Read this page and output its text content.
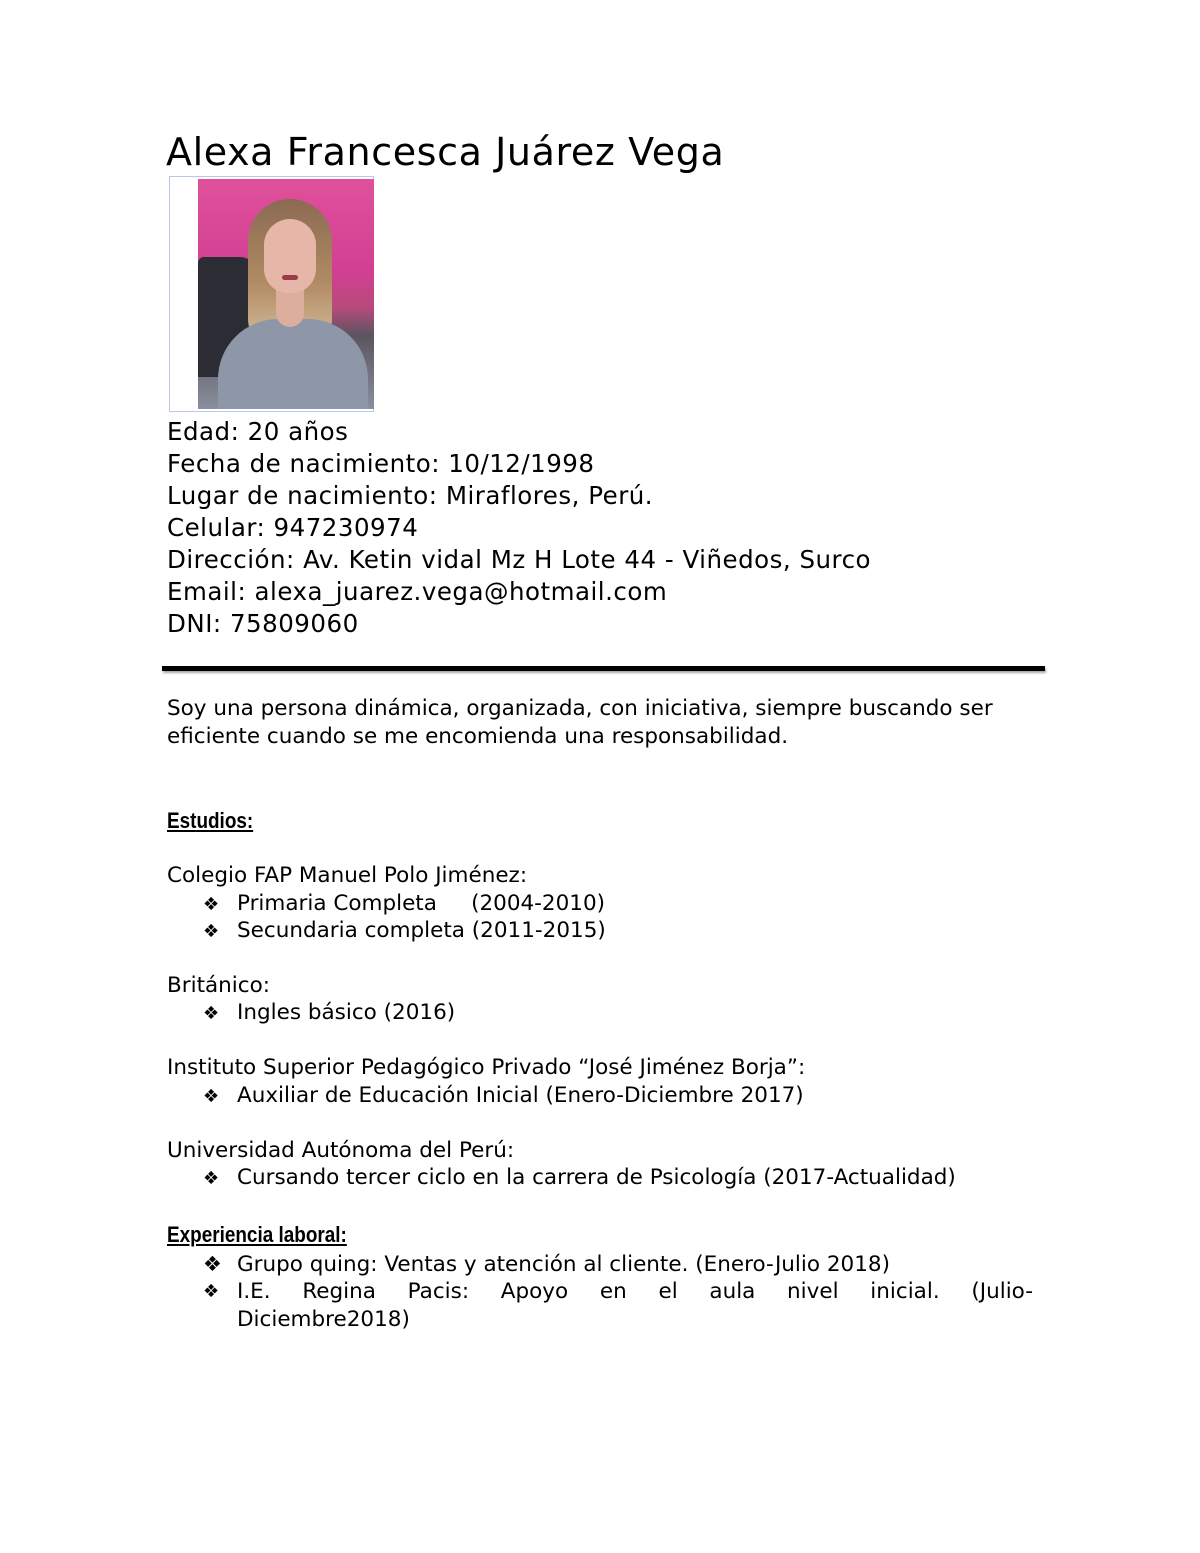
Alexa Francesca Juárez Vega
Edad: 20 años
Fecha de nacimiento: 10/12/1998
Lugar de nacimiento: Miraflores, Perú.
Celular: 947230974
Dirección: Av. Ketin vidal Mz H Lote 44 - Viñedos, Surco
Email: alexa_juarez.vega@hotmail.com
DNI: 75809060
Soy una persona dinámica, organizada, con iniciativa, siempre buscando ser eficiente cuando se me encomienda una responsabilidad.
Estudios:
Colegio FAP Manuel Polo Jiménez:
❖ Primaria Completa     (2004-2010)
❖ Secundaria completa (2011-2015)
Británico:
❖ Ingles básico (2016)
Instituto Superior Pedagógico Privado “José Jiménez Borja”:
❖ Auxiliar de Educación Inicial (Enero-Diciembre 2017)
Universidad Autónoma del Perú:
❖ Cursando tercer ciclo en la carrera de Psicología (2017-Actualidad)
Experiencia laboral:
❖ Grupo quing: Ventas y atención al cliente. (Enero-Julio 2018)
❖ I.E. Regina Pacis: Apoyo en el aula nivel inicial. (Julio-
Diciembre2018)
